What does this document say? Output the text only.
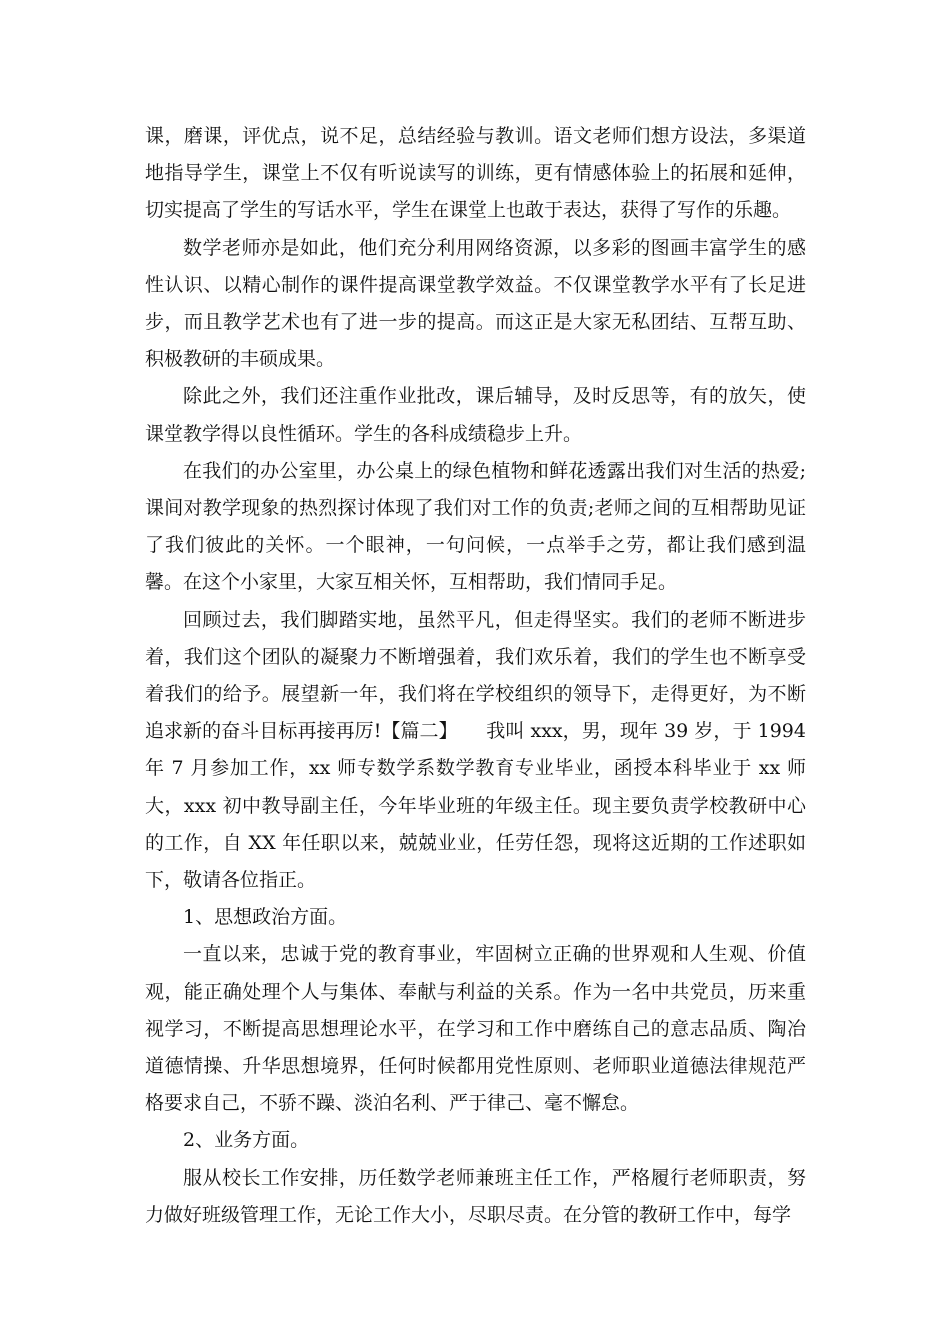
课，磨课，评优点，说不足，总结经验与教训。语文老师们想方设法，多渠道地指导学生，课堂上不仅有听说读写的训练，更有情感体验上的拓展和延伸，切实提高了学生的写话水平，学生在课堂上也敢于表达，获得了写作的乐趣。

数学老师亦是如此，他们充分利用网络资源，以多彩的图画丰富学生的感性认识、以精心制作的课件提高课堂教学效益。不仅课堂教学水平有了长足进步，而且教学艺术也有了进一步的提高。而这正是大家无私团结、互帮互助、积极教研的丰硕成果。

除此之外，我们还注重作业批改，课后辅导，及时反思等，有的放矢，使课堂教学得以良性循环。学生的各科成绩稳步上升。

在我们的办公室里，办公桌上的绿色植物和鲜花透露出我们对生活的热爱;课间对教学现象的热烈探讨体现了我们对工作的负责;老师之间的互相帮助见证了我们彼此的关怀。一个眼神，一句问候，一点举手之劳，都让我们感到温馨。在这个小家里，大家互相关怀，互相帮助，我们情同手足。

回顾过去，我们脚踏实地，虽然平凡，但走得坚实。我们的老师不断进步着，我们这个团队的凝聚力不断增强着，我们欢乐着，我们的学生也不断享受着我们的给予。展望新一年，我们将在学校组织的领导下，走得更好，为不断追求新的奋斗目标再接再厉!【篇二】　　我叫 xxx，男，现年 39 岁，于 1994 年 7 月参加工作，xx 师专数学系数学教育专业毕业，函授本科毕业于 xx 师大，xxx 初中教导副主任，今年毕业班的年级主任。现主要负责学校教研中心的工作，自 XX 年任职以来，兢兢业业，任劳任怨，现将这近期的工作述职如下，敬请各位指正。

1、思想政治方面。

一直以来，忠诚于党的教育事业，牢固树立正确的世界观和人生观、价值观，能正确处理个人与集体、奉献与利益的关系。作为一名中共党员，历来重视学习，不断提高思想理论水平，在学习和工作中磨练自己的意志品质、陶冶道德情操、升华思想境界，任何时候都用党性原则、老师职业道德法律规范严格要求自己，不骄不躁、淡泊名利、严于律己、毫不懈怠。

2、业务方面。

服从校长工作安排，历任数学老师兼班主任工作，严格履行老师职责，努力做好班级管理工作，无论工作大小，尽职尽责。在分管的教研工作中，每学
